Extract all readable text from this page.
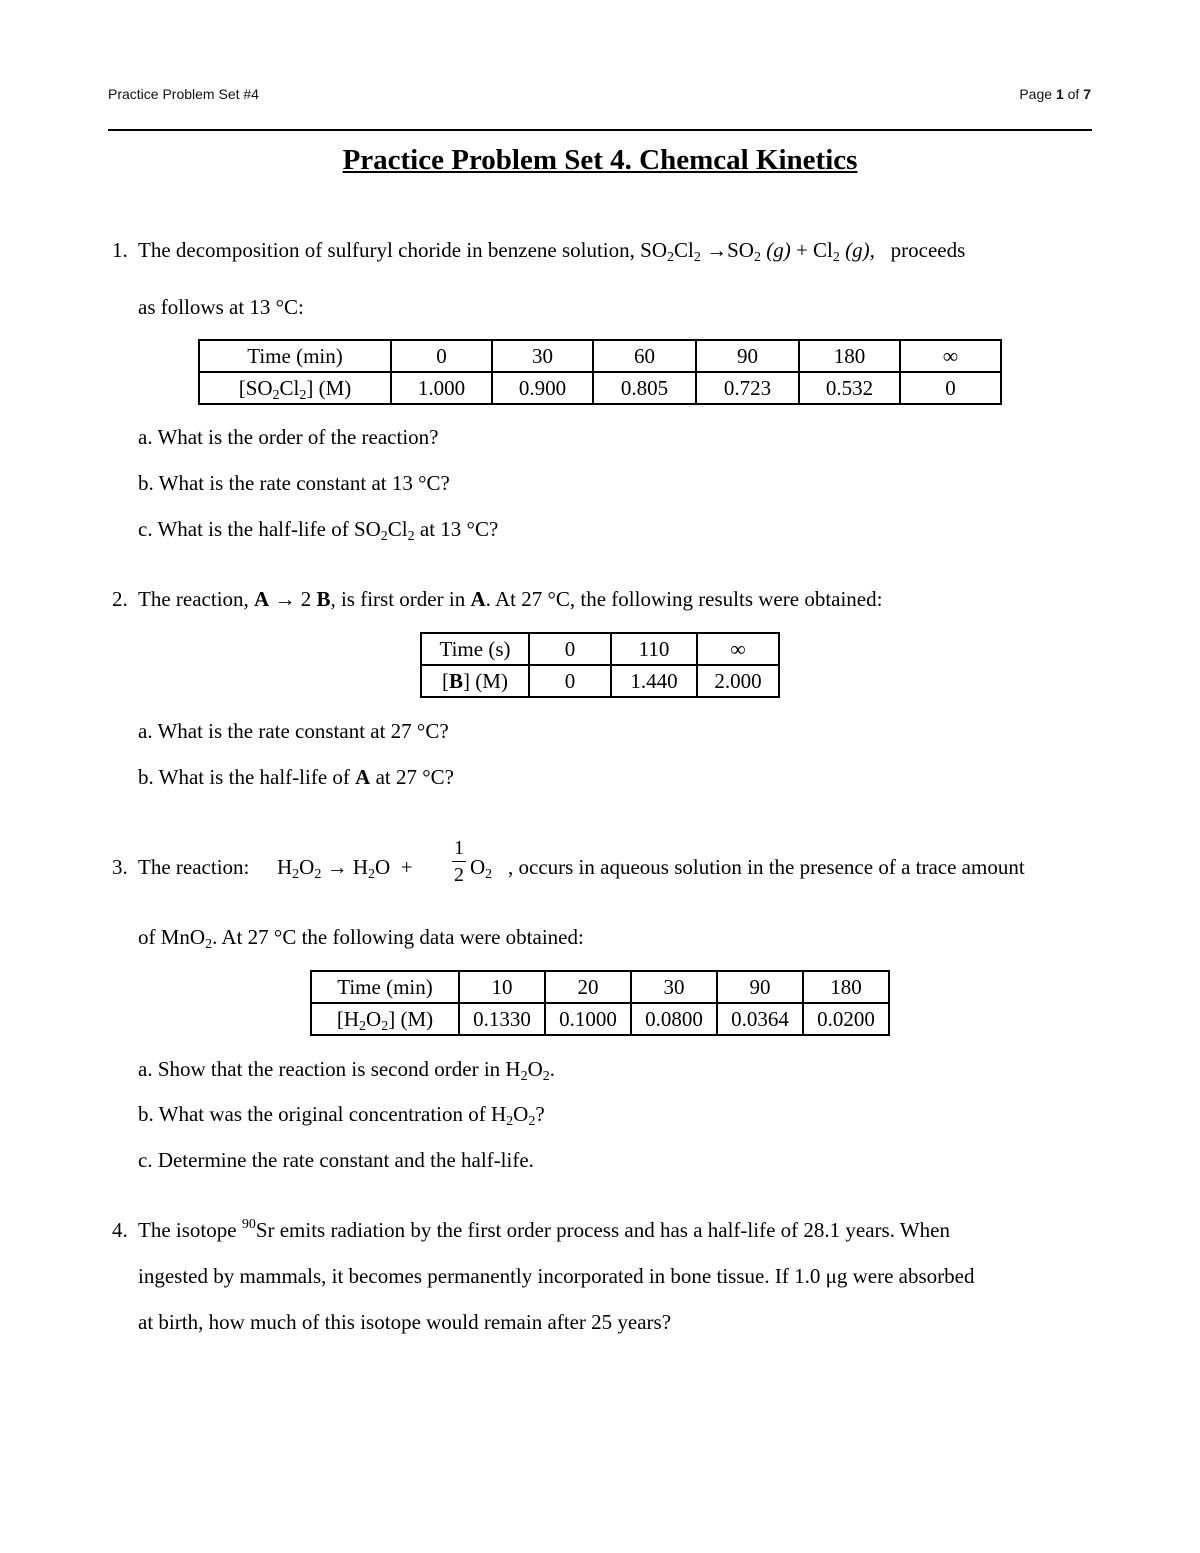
Practice Problem Set #4	Page 1 of 7
Practice Problem Set 4. Chemcal Kinetics
1. The decomposition of sulfuryl choride in benzene solution, $SO_2Cl_2 \to SO_2$ $(g) + Cl_2$ (g), proceeds
as follows at 13 °C:
Time (min)	0	30	60	90	180	∞
$[SO_2Cl_2]$ (M)	1.000	0.900	0.805	0.723	0.532	0
a. What is the order of the reaction?
b. What is the rate constant at 13 °C?
c. What is the half-life of $SO_2Cl_2$ at 13 °C?
2. The reaction, A → 2 B, is first order in A. At 27 °C, the following results were obtained:
Time (s)	0	110	∞
[B] (M)	0	1.440	2.000
a. What is the rate constant at 27 °C?
b. What is the half-life of A at 27 °C?
3. The reaction: $H_2O_2 \to H_2O + \frac{1}{2} O_2$ , occurs in aqueous solution in the presence of a trace amount
of MnO$_2$. At 27 °C the following data were obtained:
Time (min)	10	20	30	90	180
$[H_2O_2]$ (M)	0.1330	0.1000	0.0800	0.0364	0.0200
a. Show that the reaction is second order in $H_2O_2$.
b. What was the original concentration of $H_2O_2$?
c. Determine the rate constant and the half-life.
4. The isotope $^{90}$Sr emits radiation by the first order process and has a half-life of 28.1 years. When
ingested by mammals, it becomes permanently incorporated in bone tissue. If 1.0 μg were absorbed
at birth, how much of this isotope would remain after 25 years?
